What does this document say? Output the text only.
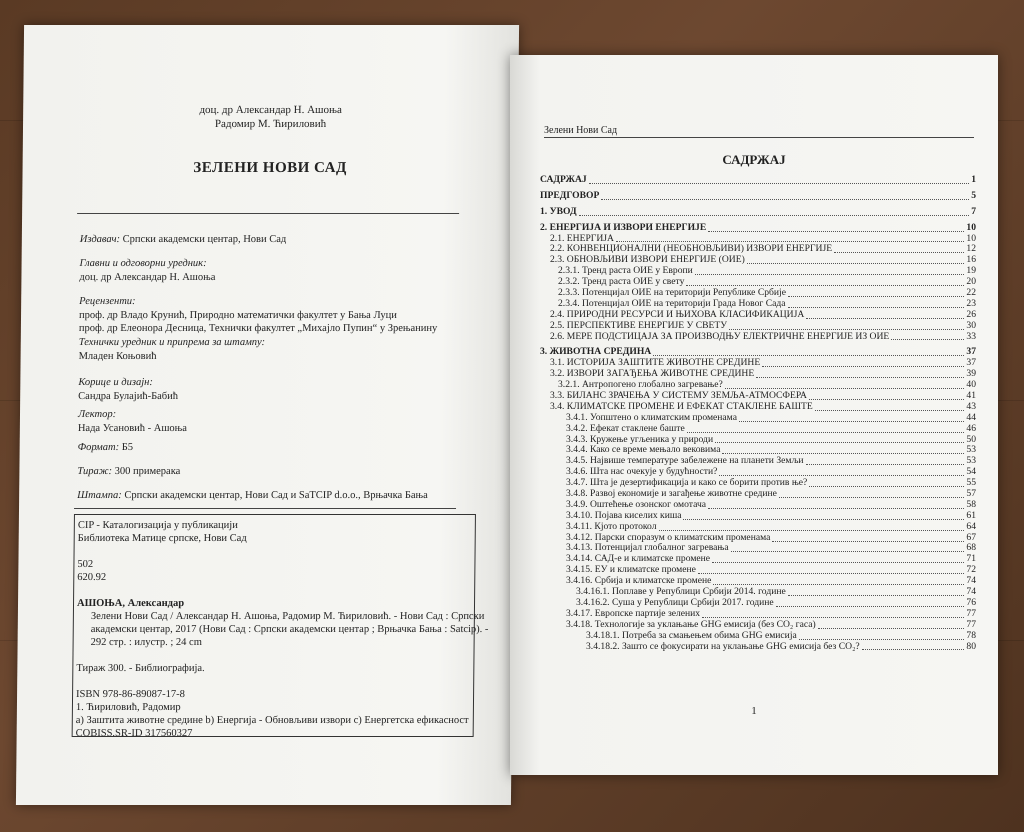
доц. др Александар Н. Ашоња
Радомир М. Ћириловић
ЗЕЛЕНИ НОВИ САД
Издавач: Српски академски центар, Нови Сад
Главни и одговорни уредник:
доц. др Александар Н. Ашоња
Рецензенти:
проф. др Владо Крунић, Природно математички факултет у Бања Луци
проф. др Елеонора Десница, Технички факултет „Михајло Пупин“ у Зрењанину
Технички уредник и припрема за штампу:
Младен Коњовић
Корице и дизајн:
Сандра Булајић-Бабић
Лектор:
Нада Усановић - Ашоња
Формат: Б5
Тираж: 300 примерака
Штампа: Српски академски центар, Нови Сад и SaTCIP d.o.o., Врњачка Бања
CIP - Каталогизација у публикацији
Библиотека Матице српске, Нови Сад

502
620.92

АШОЊА, Александар
Зелени Нови Сад / Александар Н. Ашоња, Радомир М. Ћириловић. - Нови Сад : Српски
академски центар, 2017 (Нови Сад : Српски академски центар ; Врњачка Бања : Satcip). -
292 стр. : илустр. ; 24 cm

Тираж 300. - Библиографија.

ISBN 978-86-89087-17-8
1. Ћириловић, Радомир
a) Заштита животне средине b) Енергија - Обновљиви извори c) Енергетска ефикасност
COBISS.SR-ID 317560327
Зелени Нови Сад
САДРЖАЈ
САДРЖАЈ	1
ПРЕДГОВОР	5
1. УВОД	7
2. ЕНЕРГИЈА И ИЗВОРИ ЕНЕРГИЈЕ	10
2.1. ЕНЕРГИЈА	10
2.2. КОНВЕНЦИОНАЛНИ (НЕОБНОВЉИВИ) ИЗВОРИ ЕНЕРГИЈЕ	12
2.3. ОБНОВЉИВИ ИЗВОРИ ЕНЕРГИЈЕ (ОИЕ)	16
2.3.1. Тренд раста ОИЕ у Европи	19
2.3.2. Тренд раста ОИЕ у свету	20
2.3.3. Потенцијал ОИЕ на територији Републике Србије	22
2.3.4. Потенцијал ОИЕ на територији Града Новог Сада	23
2.4. ПРИРОДНИ РЕСУРСИ И ЊИХОВА КЛАСИФИКАЦИЈА	26
2.5. ПЕРСПЕКТИВЕ ЕНЕРГИЈЕ У СВЕТУ	30
2.6. МЕРЕ ПОДСТИЦАЈА ЗА ПРОИЗВОДЊУ ЕЛЕКТРИЧНЕ ЕНЕРГИЈЕ ИЗ ОИЕ	33
3. ЖИВОТНА СРЕДИНА	37
3.1. ИСТОРИЈА ЗАШТИТЕ ЖИВОТНЕ СРЕДИНЕ	37
3.2. ИЗВОРИ ЗАГАЂЕЊА ЖИВОТНЕ СРЕДИНЕ	39
3.2.1. Антропогено глобално загревање?	40
3.3. БИЛАНС ЗРАЧЕЊА У СИСТЕМУ ЗЕМЉА-АТМОСФЕРА	41
3.4. КЛИМАТСКЕ ПРОМЕНЕ И ЕФЕКАТ СТАКЛЕНЕ БАШТЕ	43
3.4.1. Уопштено о климатским променама	44
3.4.2. Ефекат стаклене баште	46
3.4.3. Кружење угљеника у природи	50
3.4.4. Како се време мењало вековима	53
3.4.5. Највише температуре забележене на планети Земљи	53
3.4.6. Шта нас очекује у будућности?	54
3.4.7. Шта је дезертификација и како се борити против ње?	55
3.4.8. Развој економије и загађење животне средине	57
3.4.9. Оштећење озонског омотача	58
3.4.10. Појава киселих киша	61
3.4.11. Кјото протокол	64
3.4.12. Парски споразум о климатским променама	67
3.4.13. Потенцијал глобалног загревања	68
3.4.14. САД-е и климатске промене	71
3.4.15. ЕУ и климатске промене	72
3.4.16. Србија и климатске промене	74
3.4.16.1. Поплаве у Републици Србији 2014. године	74
3.4.16.2. Суша у Републици Србији 2017. године	76
3.4.17. Европске партије зелених	77
3.4.18. Технологије за уклањање GHG емисија (без CO₂ гаса)	77
3.4.18.1. Потреба за смањењем обима GHG емисија	78
3.4.18.2. Зашто се фокусирати на уклањање GHG емисија без CO₂?	80
1
